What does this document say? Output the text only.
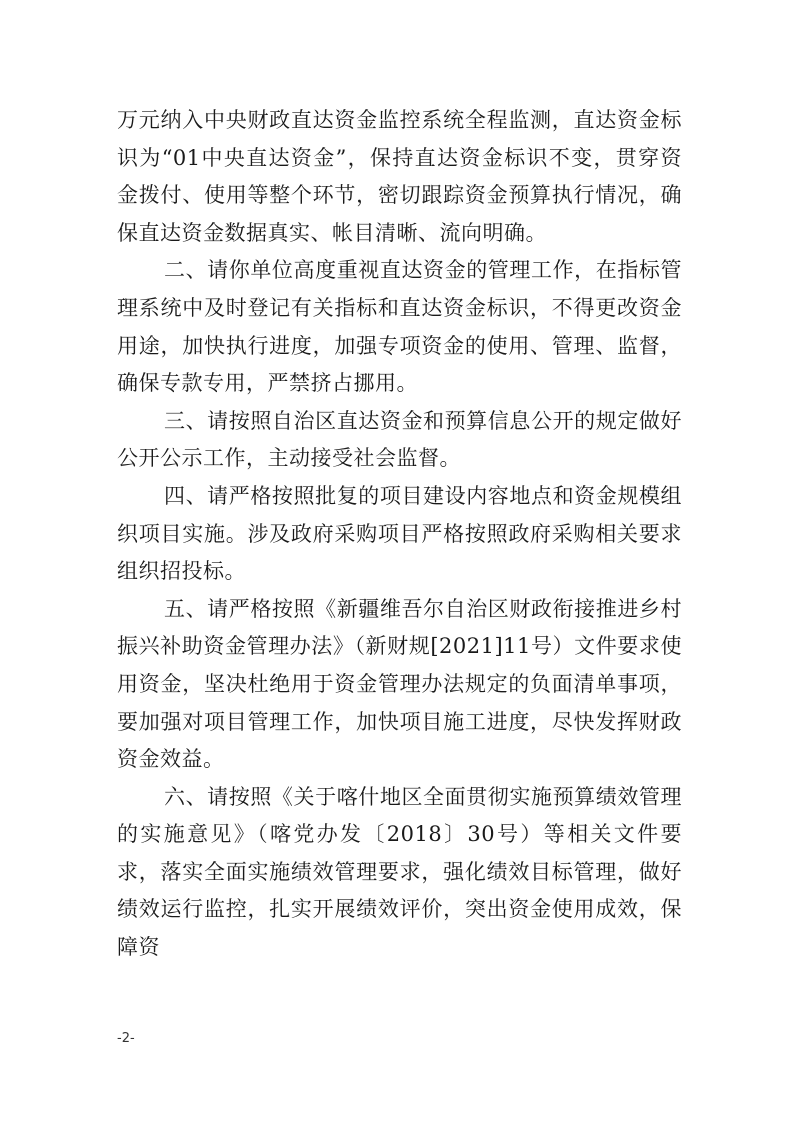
万元纳入中央财政直达资金监控系统全程监测，直达资金标识为“01中央直达资金”，保持直达资金标识不变，贯穿资金拨付、使用等整个环节，密切跟踪资金预算执行情况，确保直达资金数据真实、帐目清晰、流向明确。

二、请你单位高度重视直达资金的管理工作，在指标管理系统中及时登记有关指标和直达资金标识，不得更改资金用途，加快执行进度，加强专项资金的使用、管理、监督，确保专款专用，严禁挤占挪用。

三、请按照自治区直达资金和预算信息公开的规定做好公开公示工作，主动接受社会监督。

四、请严格按照批复的项目建设内容地点和资金规模组织项目实施。涉及政府采购项目严格按照政府采购相关要求组织招投标。

五、请严格按照《新疆维吾尔自治区财政衔接推进乡村振兴补助资金管理办法》（新财规[2021]11号）文件要求使用资金，坚决杜绝用于资金管理办法规定的负面清单事项，要加强对项目管理工作，加快项目施工进度，尽快发挥财政资金效益。

六、请按照《关于喀什地区全面贯彻实施预算绩效管理的实施意见》（喀党办发〔2018〕30号）等相关文件要求，落实全面实施绩效管理要求，强化绩效目标管理，做好绩效运行监控，扎实开展绩效评价，突出资金使用成效，保障资

-2-
